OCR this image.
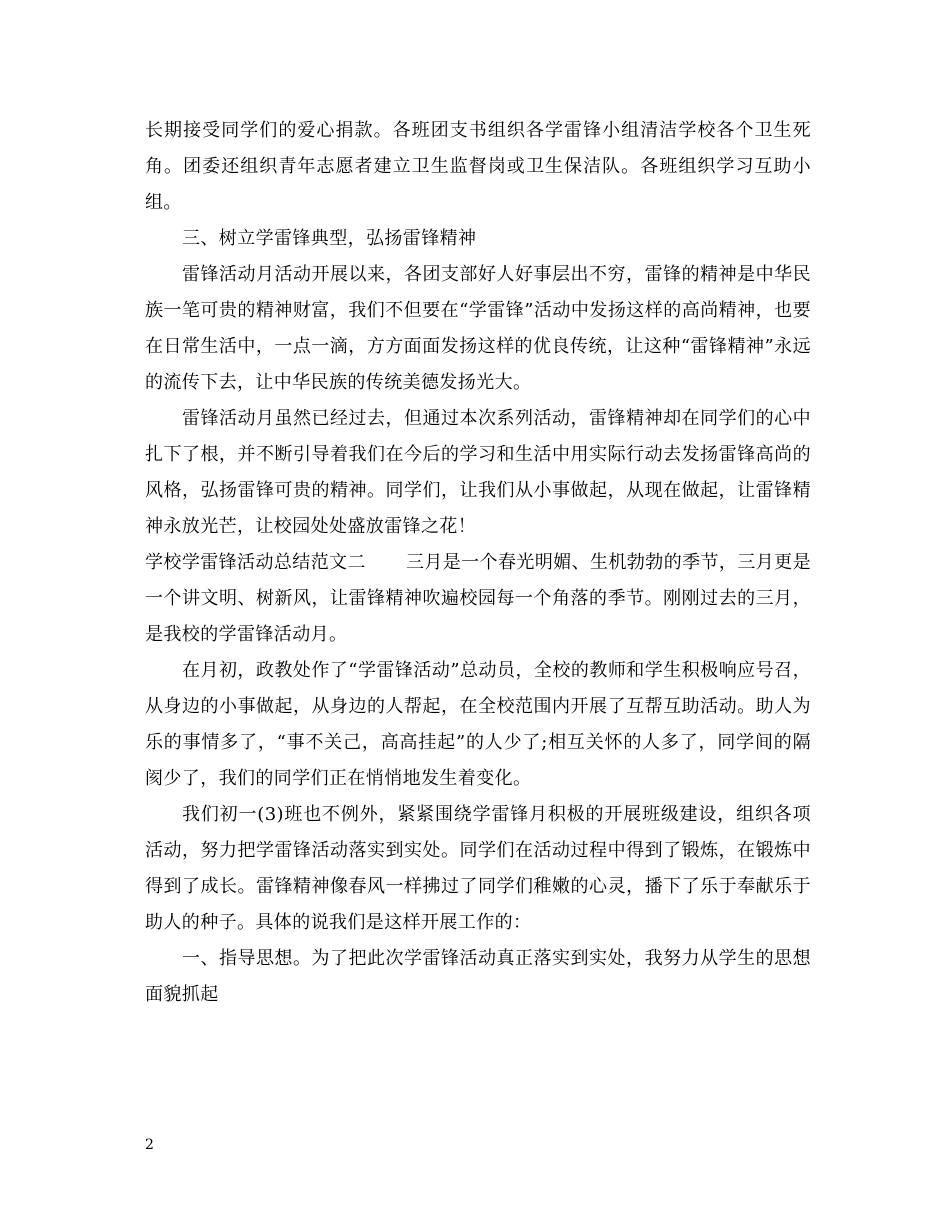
长期接受同学们的爱心捐款。各班团支书组织各学雷锋小组清洁学校各个卫生死角。团委还组织青年志愿者建立卫生监督岗或卫生保洁队。各班组织学习互助小组。

三、树立学雷锋典型，弘扬雷锋精神

雷锋活动月活动开展以来，各团支部好人好事层出不穷，雷锋的精神是中华民族一笔可贵的精神财富，我们不但要在“学雷锋”活动中发扬这样的高尚精神，也要在日常生活中，一点一滴，方方面面发扬这样的优良传统，让这种“雷锋精神”永远的流传下去，让中华民族的传统美德发扬光大。

雷锋活动月虽然已经过去，但通过本次系列活动，雷锋精神却在同学们的心中扎下了根，并不断引导着我们在今后的学习和生活中用实际行动去发扬雷锋高尚的风格，弘扬雷锋可贵的精神。同学们，让我们从小事做起，从现在做起，让雷锋精神永放光芒，让校园处处盛放雷锋之花！

学校学雷锋活动总结范文二 三月是一个春光明媚、生机勃勃的季节，三月更是一个讲文明、树新风，让雷锋精神吹遍校园每一个角落的季节。刚刚过去的三月，是我校的学雷锋活动月。

在月初，政教处作了“学雷锋活动”总动员，全校的教师和学生积极响应号召，从身边的小事做起，从身边的人帮起，在全校范围内开展了互帮互助活动。助人为乐的事情多了，“事不关己，高高挂起”的人少了;相互关怀的人多了，同学间的隔阂少了，我们的同学们正在悄悄地发生着变化。

我们初一(3)班也不例外，紧紧围绕学雷锋月积极的开展班级建设，组织各项活动，努力把学雷锋活动落实到实处。同学们在活动过程中得到了锻炼，在锻炼中得到了成长。雷锋精神像春风一样拂过了同学们稚嫩的心灵，播下了乐于奉献乐于助人的种子。具体的说我们是这样开展工作的：

一、指导思想。为了把此次学雷锋活动真正落实到实处，我努力从学生的思想面貌抓起

2
